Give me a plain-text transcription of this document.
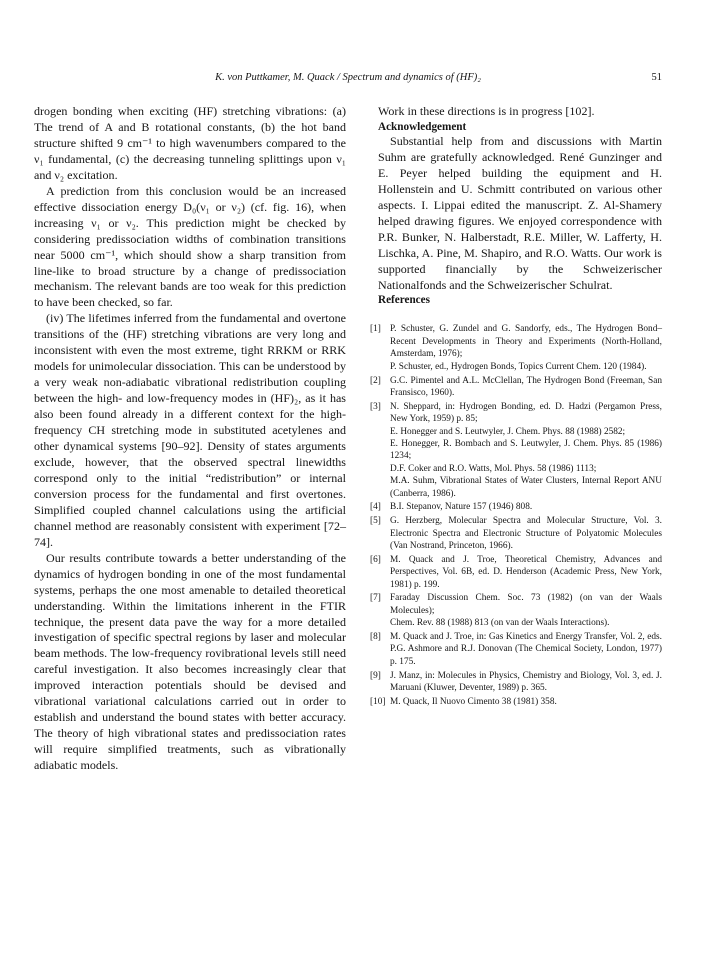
K. von Puttkamer, M. Quack / Spectrum and dynamics of (HF)₂	51

drogen bonding when exciting (HF) stretching vibrations: (a) The trend of A and B rotational constants, (b) the hot band structure shifted 9 cm⁻¹ to high wavenumbers compared to the ν₁ fundamental, (c) the decreasing tunneling splittings upon ν₁ and ν₂ excitation.

A prediction from this conclusion would be an increased effective dissociation energy D₀(ν₁ or ν₂) (cf. fig. 16), when increasing ν₁ or ν₂. This prediction might be checked by considering predissociation widths of combination transitions near 5000 cm⁻¹, which should show a sharp transition from line-like to broad structure by a change of predissociation mechanism. The relevant bands are too weak for this prediction to have been checked, so far.

(iv) The lifetimes inferred from the fundamental and overtone transitions of the (HF) stretching vibrations are very long and inconsistent with even the most extreme, tight RRKM or RRK models for unimolecular dissociation. This can be understood by a very weak non-adiabatic vibrational redistribution coupling between the high- and low-frequency modes in (HF)₂, as it has also been found already in a different context for the high-frequency CH stretching mode in substituted acetylenes and other dynamical systems [90–92]. Density of states arguments exclude, however, that the observed spectral linewidths correspond only to the initial “redistribution” or internal conversion process for the fundamental and first overtones. Simplified coupled channel calculations using the artificial channel method are reasonably consistent with experiment [72–74].

Our results contribute towards a better understanding of the dynamics of hydrogen bonding in one of the most fundamental systems, perhaps the one most amenable to detailed theoretical understanding. Within the limitations inherent in the FTIR technique, the present data pave the way for a more detailed investigation of specific spectral regions by laser and molecular beam methods. The low-frequency rovibrational levels still need careful investigation. It also becomes increasingly clear that improved interaction potentials should be devised and vibrational variational calculations carried out in order to establish and understand the bound states with better accuracy. The theory of high vibrational states and predissociation rates will require simplified treatments, such as vibrationally adiabatic models.

Work in these directions is in progress [102].

Acknowledgement

Substantial help from and discussions with Martin Suhm are gratefully acknowledged. René Gunzinger and E. Peyer helped building the equipment and H. Hollenstein and U. Schmitt contributed on various other aspects. I. Lippai edited the manuscript. Z. Al-Shamery helped drawing figures. We enjoyed correspondence with P.R. Bunker, N. Halberstadt, R.E. Miller, W. Lafferty, H. Lischka, A. Pine, M. Shapiro, and R.O. Watts. Our work is supported financially by the Schweizerischer Nationalfonds and the Schweizerischer Schulrat.

References
[1] P. Schuster, G. Zundel and G. Sandorfy, eds., The Hydrogen Bond–Recent Developments in Theory and Experiments (North-Holland, Amsterdam, 1976);
P. Schuster, ed., Hydrogen Bonds, Topics Current Chem. 120 (1984).
[2] G.C. Pimentel and A.L. McClellan, The Hydrogen Bond (Freeman, San Fransisco, 1960).
[3] N. Sheppard, in: Hydrogen Bonding, ed. D. Hadzi (Pergamon Press, New York, 1959) p. 85;
E. Honegger and S. Leutwyler, J. Chem. Phys. 88 (1988) 2582;
E. Honegger, R. Bombach and S. Leutwyler, J. Chem. Phys. 85 (1986) 1234;
D.F. Coker and R.O. Watts, Mol. Phys. 58 (1986) 1113;
M.A. Suhm, Vibrational States of Water Clusters, Internal Report ANU (Canberra, 1986).
[4] B.I. Stepanov, Nature 157 (1946) 808.
[5] G. Herzberg, Molecular Spectra and Molecular Structure, Vol. 3. Electronic Spectra and Electronic Structure of Polyatomic Molecules (Van Nostrand, Princeton, 1966).
[6] M. Quack and J. Troe, Theoretical Chemistry, Advances and Perspectives, Vol. 6B, ed. D. Henderson (Academic Press, New York, 1981) p. 199.
[7] Faraday Discussion Chem. Soc. 73 (1982) (on van der Waals Molecules);
Chem. Rev. 88 (1988) 813 (on van der Waals Interactions).
[8] M. Quack and J. Troe, in: Gas Kinetics and Energy Transfer, Vol. 2, eds. P.G. Ashmore and R.J. Donovan (The Chemical Society, London, 1977) p. 175.
[9] J. Manz, in: Molecules in Physics, Chemistry and Biology, Vol. 3, ed. J. Maruani (Kluwer, Deventer, 1989) p. 365.
[10] M. Quack, Il Nuovo Cimento 38 (1981) 358.
